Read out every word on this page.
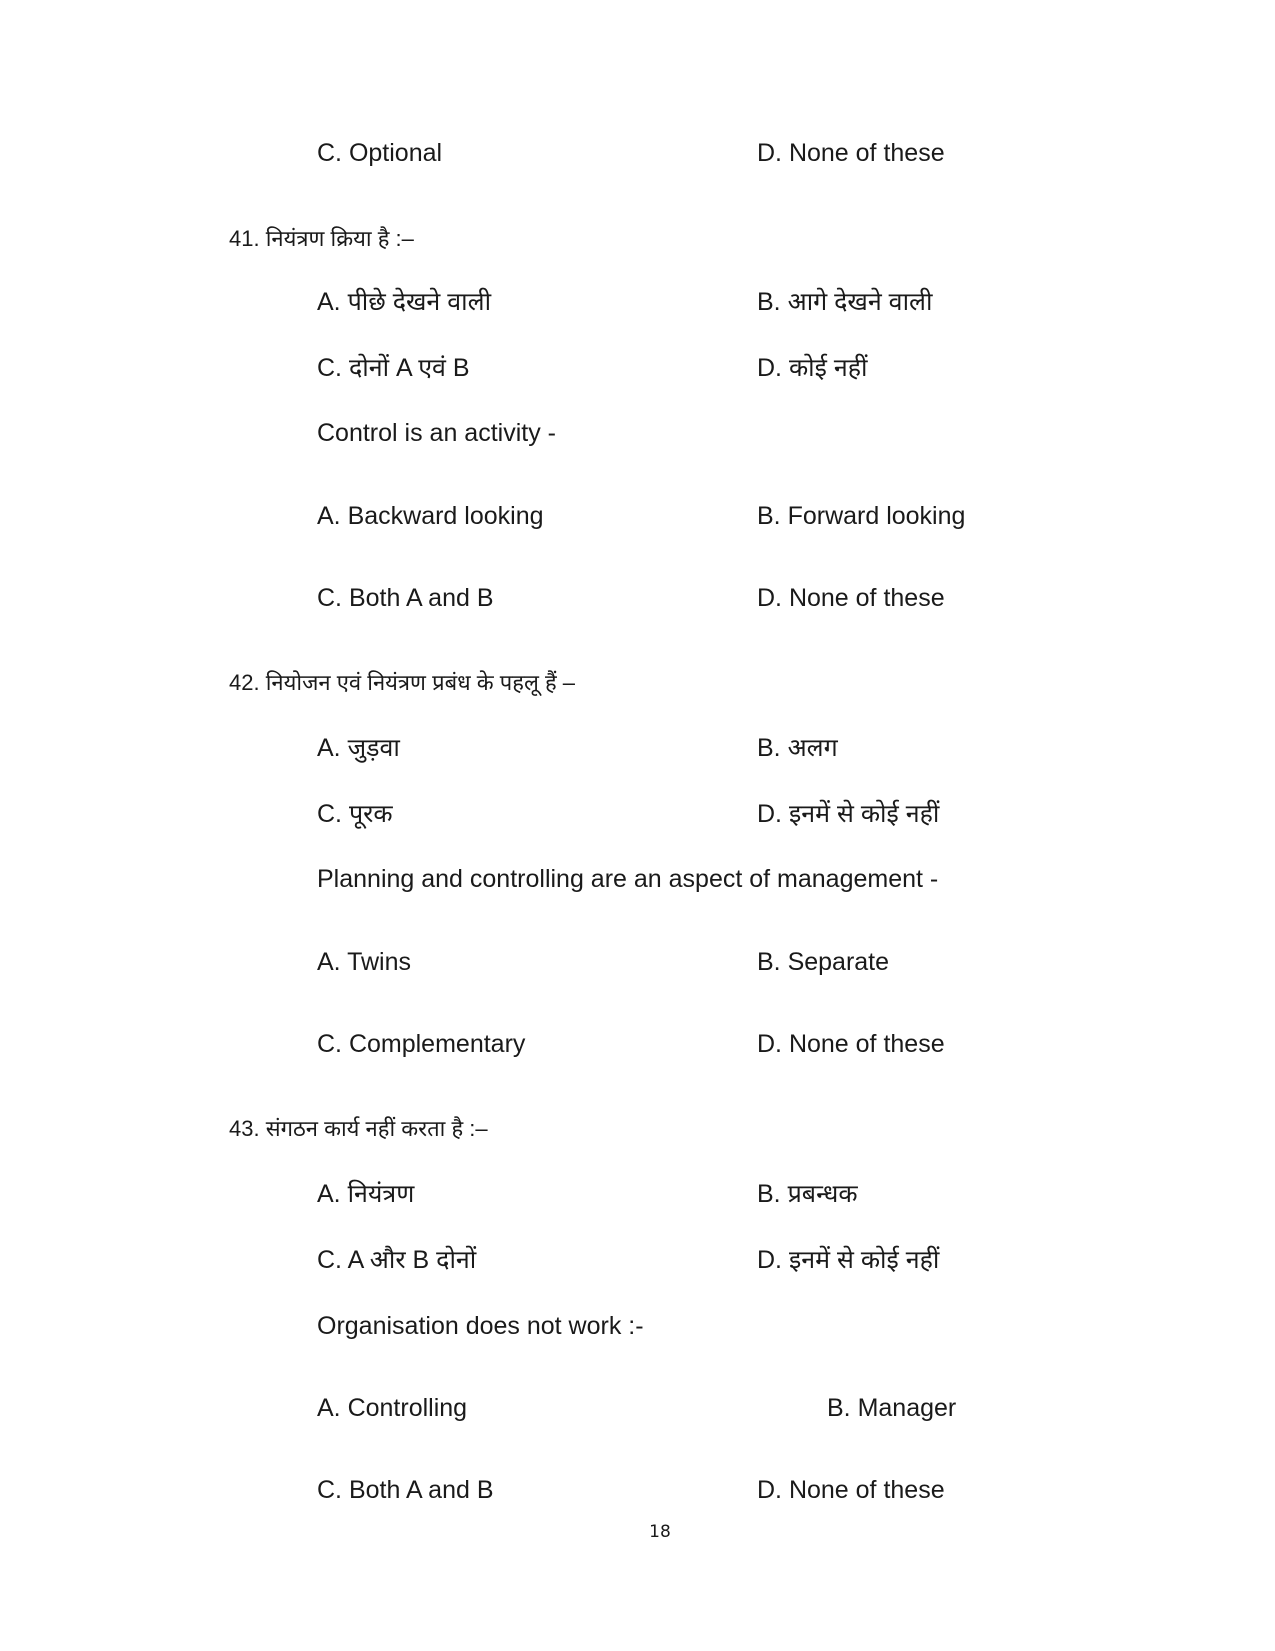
C. Optional	D. None of these
41. नियंत्रण क्रिया है :–
A. पीछे देखने वाली	B. आगे देखने वाली
C. दोनों A एवं B	D. कोई नहीं
Control is an activity -
A. Backward looking	B. Forward looking
C. Both A and B	D. None of these
42. नियोजन एवं नियंत्रण प्रबंध के पहलू हैं –
A. जुड़वा	B. अलग
C. पूरक	D. इनमें से कोई नहीं
Planning and controlling are an aspect of management -
A. Twins	B. Separate
C. Complementary	D. None of these
43. संगठन कार्य नहीं करता है :–
A. नियंत्रण	B. प्रबन्धक
C. A और B दोनों	D. इनमें से कोई नहीं
Organisation does not work :-
A. Controlling	B. Manager
C. Both A and B	D. None of these
18
